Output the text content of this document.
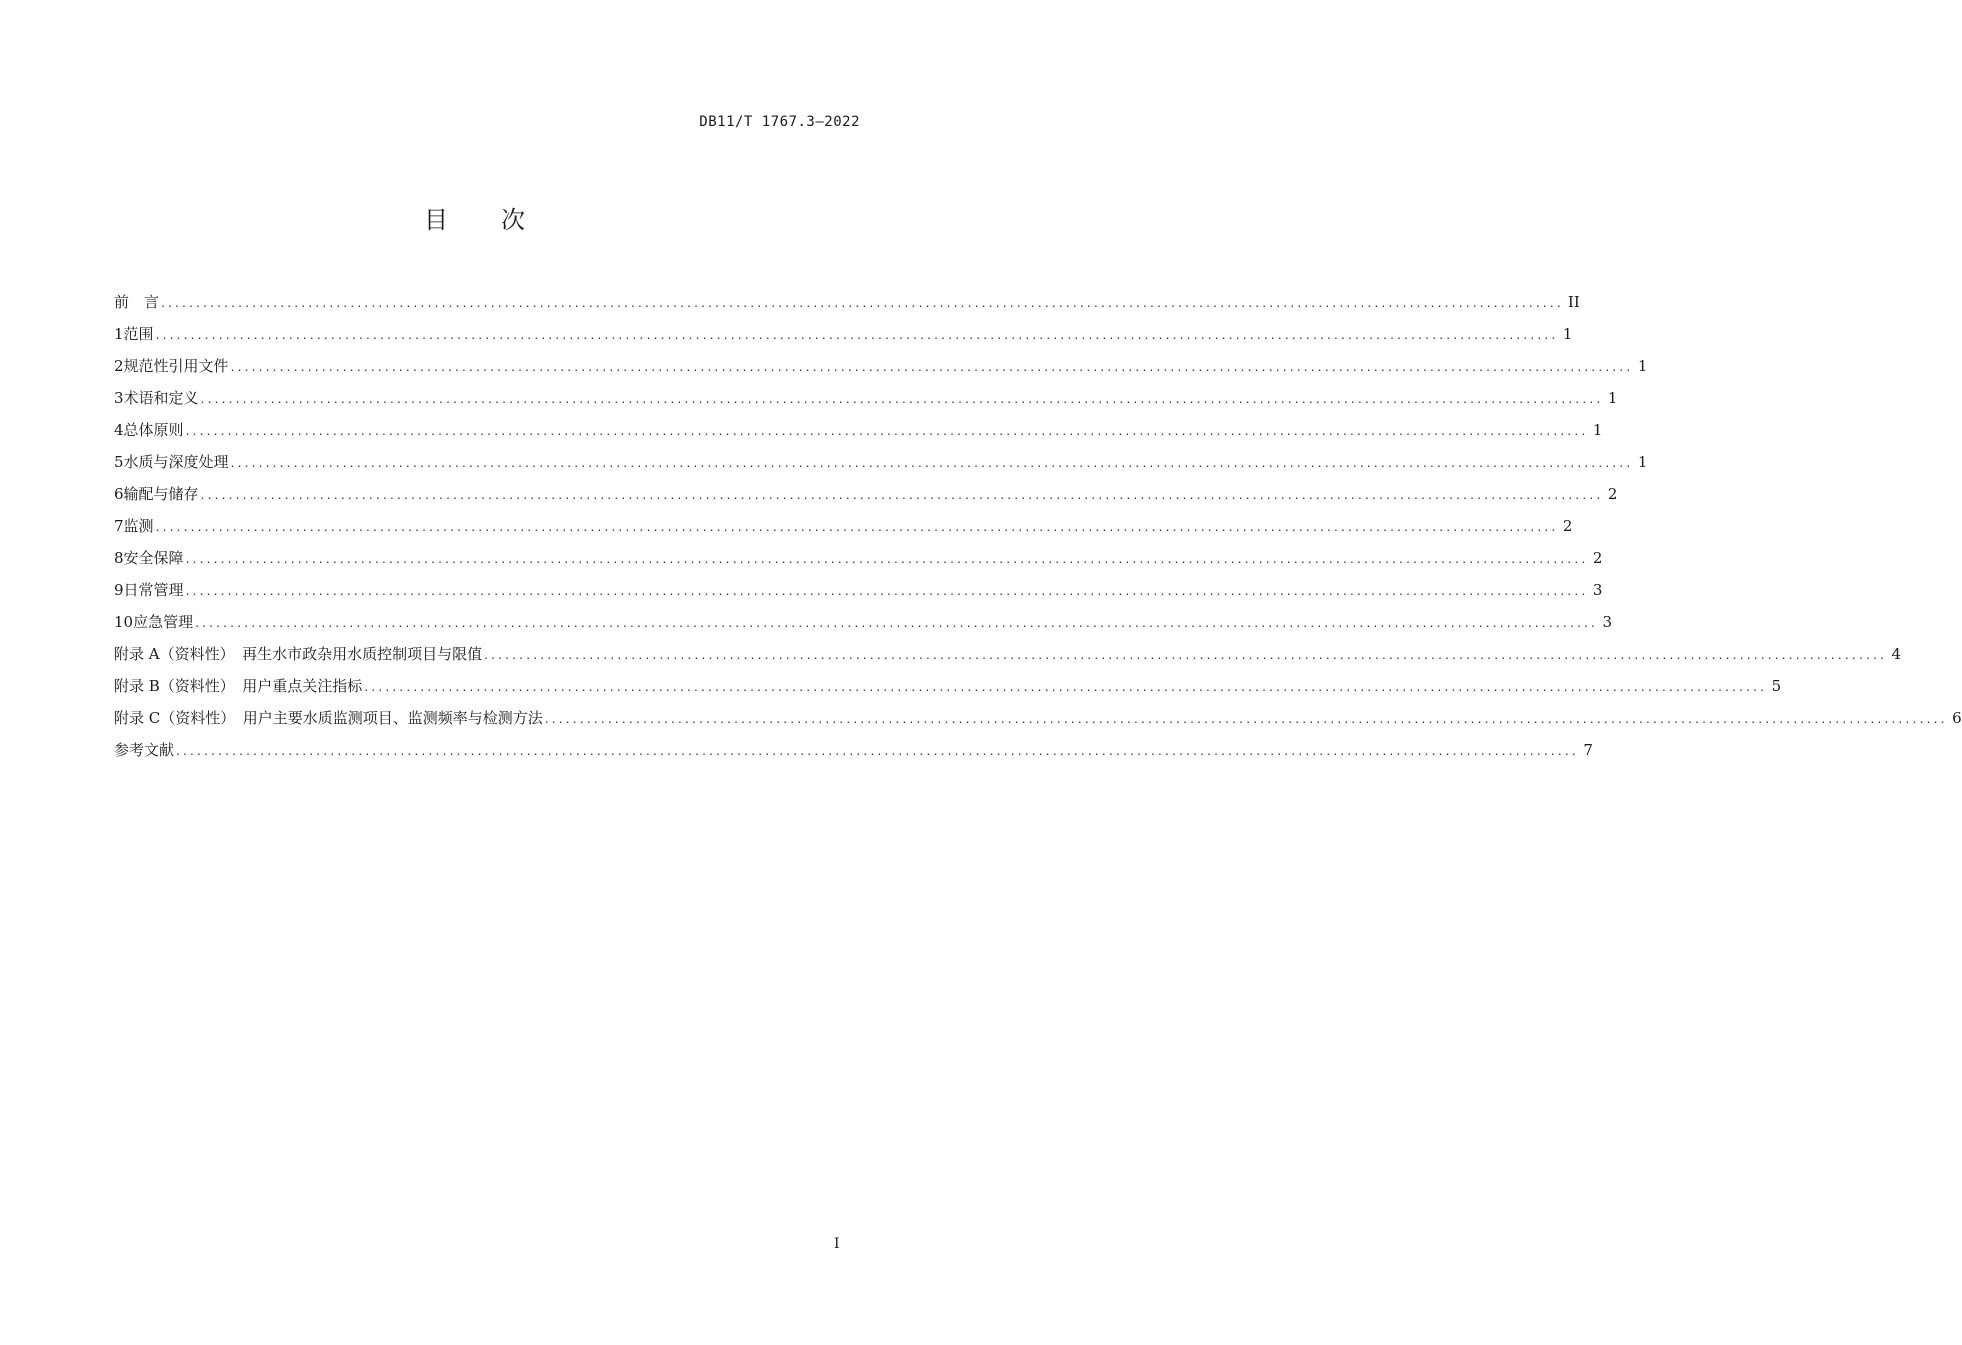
DB11/T 1767.3—2022
目 次
前　言 ........................................................................................................................................................................................................ II
1 范围 ........................................................................................................................................................................................................ 1
2 规范性引用文件 ........................................................................................................................................................................................................ 1
3 术语和定义 ........................................................................................................................................................................................................ 1
4 总体原则 ........................................................................................................................................................................................................ 1
5 水质与深度处理 ........................................................................................................................................................................................................ 1
6 输配与储存 ........................................................................................................................................................................................................ 2
7 监测 ........................................................................................................................................................................................................ 2
8 安全保障 ........................................................................................................................................................................................................ 2
9 日常管理 ........................................................................................................................................................................................................ 3
10 应急管理 ........................................................................................................................................................................................................ 3
附录 A（资料性）　再生水市政杂用水质控制项目与限值 ........................................................................................................................................................................................................ 4
附录 B（资料性）　用户重点关注指标 ........................................................................................................................................................................................................ 5
附录 C（资料性）　用户主要水质监测项目、监测频率与检测方法 ........................................................................................................................................................................................................ 6
参考文献 ........................................................................................................................................................................................................ 7
I
